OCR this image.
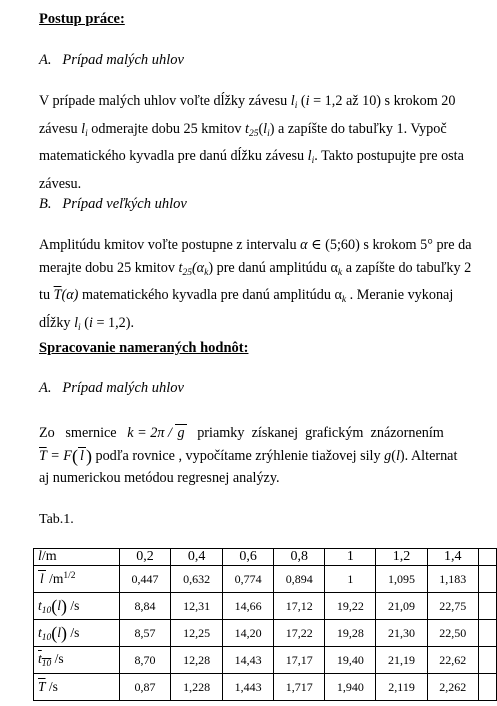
Postup práce:
A. Prípad malých uhlov
V prípade malých uhlov voľte dĺžky závesu $l_i$ (i = 1,2 až 10) s krokom 20
závesu $l_i$ odmerajte dobu 25 kmitov $t_{25}(l_i)$ a zapíšte do tabuľky 1. Vypoč
matematického kyvadla pre danú dĺžku závesu $l_i$. Takto postupujte pre osta
závesu.
B. Prípad veľkých uhlov
Amplitúdu kmitov voľte postupne z intervalu α ∈ (5;60) s krokom 5° pre da
merajte dobu 25 kmitov $t_{25}(\alpha_k)$ pre danú amplitúdu $\alpha_k$ a zapíšte do tabuľky 2
tu $\overline{T}(\alpha)$ matematického kyvadla pre danú amplitúdu $\alpha_k$ . Meranie vykonaj
dĺžky $l_i$ (i = 1,2).
Spracovanie nameraných hodnôt:
A. Prípad malých uhlov
Zo   smernice   k = 2π / g   priamky  získanej  grafickým  znázornením
$\overline{T} = F$( l ) podľa rovnice , vypočítame zrýhlenie tiažovej sily g(l). Alternat
aj numerickou metódou regresnej analýzy.
Tab.1.
l/m	0,2	0,4	0,6	0,8	1	1,2	1,4	
l $/m^{1/2}$	0,447	0,632	0,774	0,894	1	1,095	1,183	
$t_{10}(l)$ /s	8,84	12,31	14,66	17,12	19,22	21,09	22,75	
$t_{10}(l)$ /s	8,57	12,25	14,20	17,22	19,28	21,30	22,50	
$t_{10}$ /s	8,70	12,28	14,43	17,17	19,40	21,19	22,62	
$\overline{T}$ /s	0,87	1,228	1,443	1,717	1,940	2,119	2,262	
